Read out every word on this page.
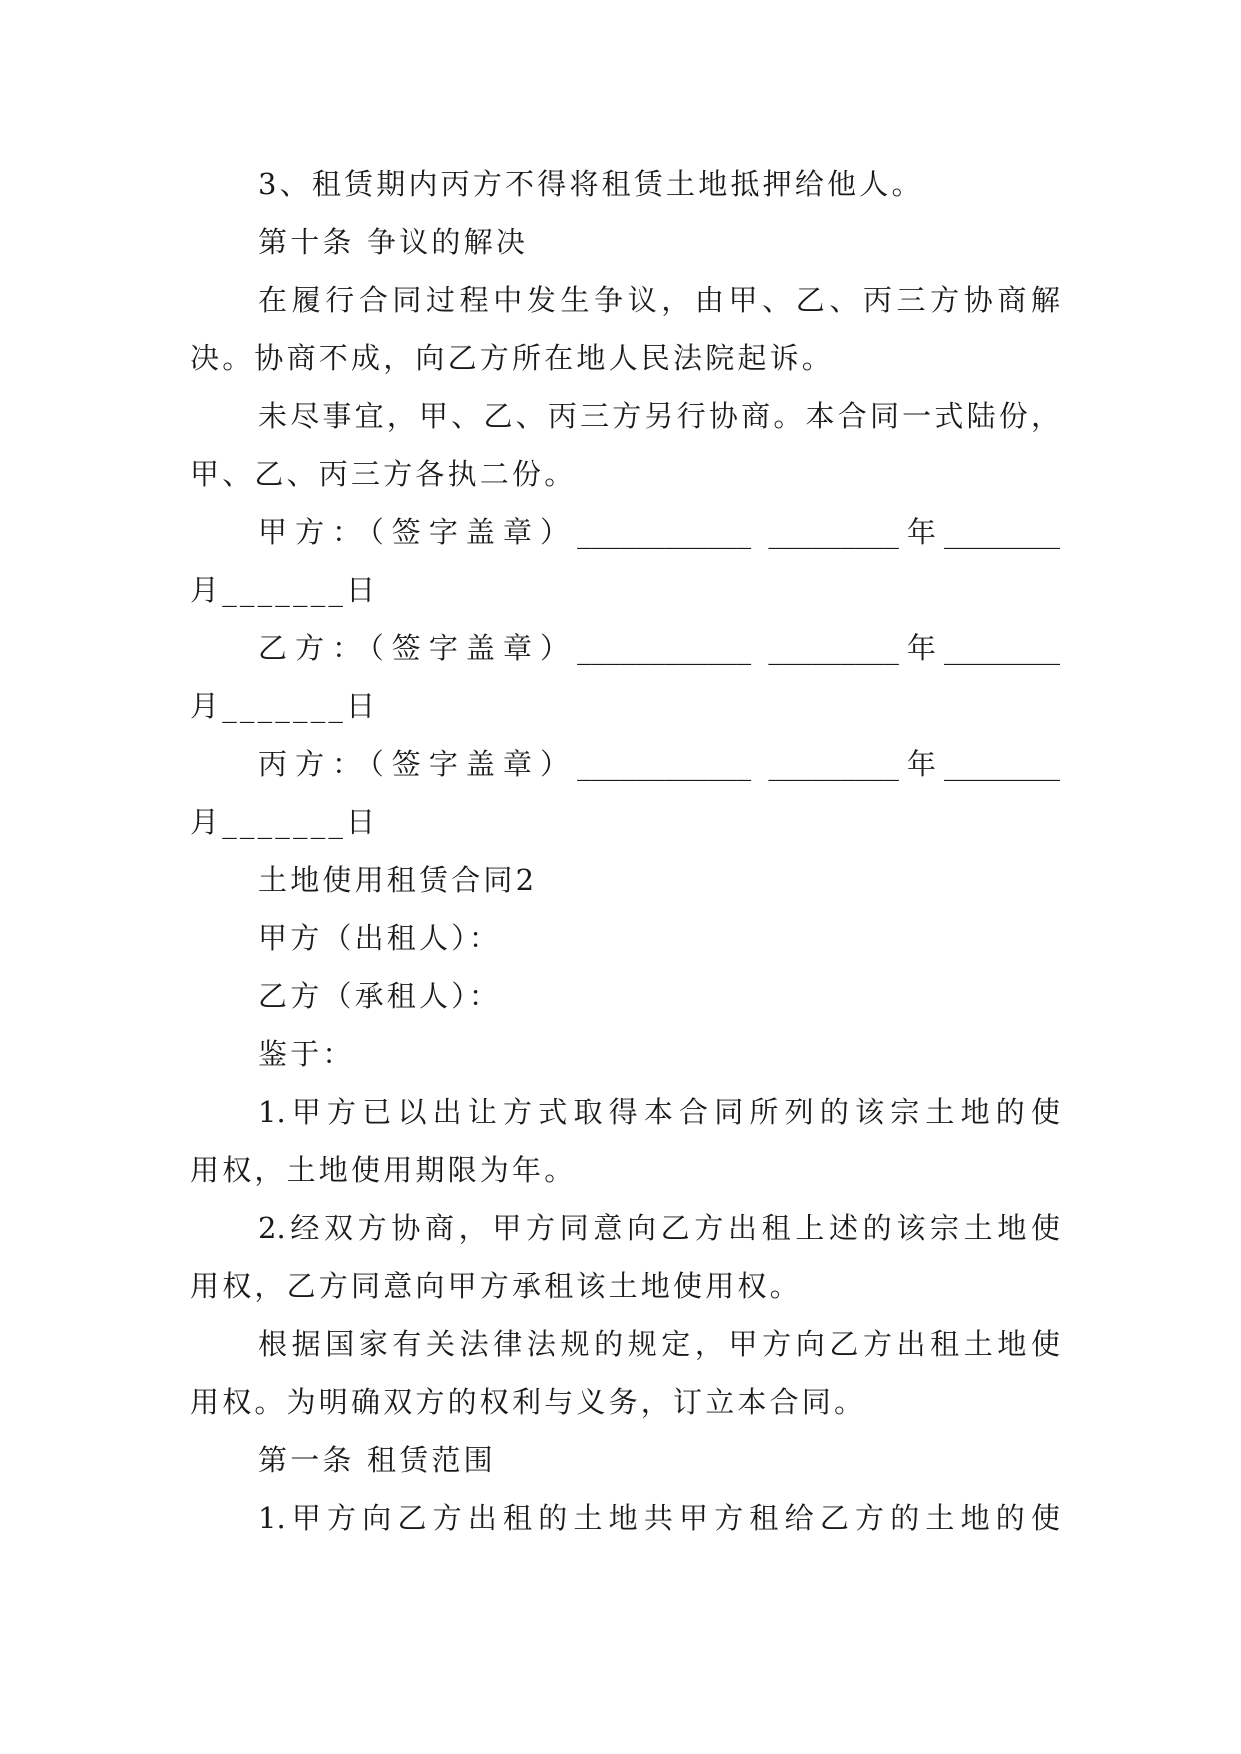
3、租赁期内丙方不得将租赁土地抵押给他人。

第十条 争议的解决

在履行合同过程中发生争议，由甲、乙、丙三方协商解

决。协商不成，向乙方所在地人民法院起诉。

未尽事宜，甲、乙、丙三方另行协商。本合同一式陆份，

甲、乙、丙三方各执二份。

甲方：（签字盖章）____________ _________年________

月_______日

乙方：（签字盖章）____________ _________年________

月_______日

丙方：（签字盖章）____________ _________年________

月_______日

土地使用租赁合同2

甲方（出租人）：

乙方（承租人）：

鉴于：

1.甲方已以出让方式取得本合同所列的该宗土地的使

用权，土地使用期限为年。

2.经双方协商，甲方同意向乙方出租上述的该宗土地使

用权，乙方同意向甲方承租该土地使用权。

根据国家有关法律法规的规定，甲方向乙方出租土地使

用权。为明确双方的权利与义务，订立本合同。

第一条 租赁范围

1.甲方向乙方出租的土地共甲方租给乙方的土地的使
